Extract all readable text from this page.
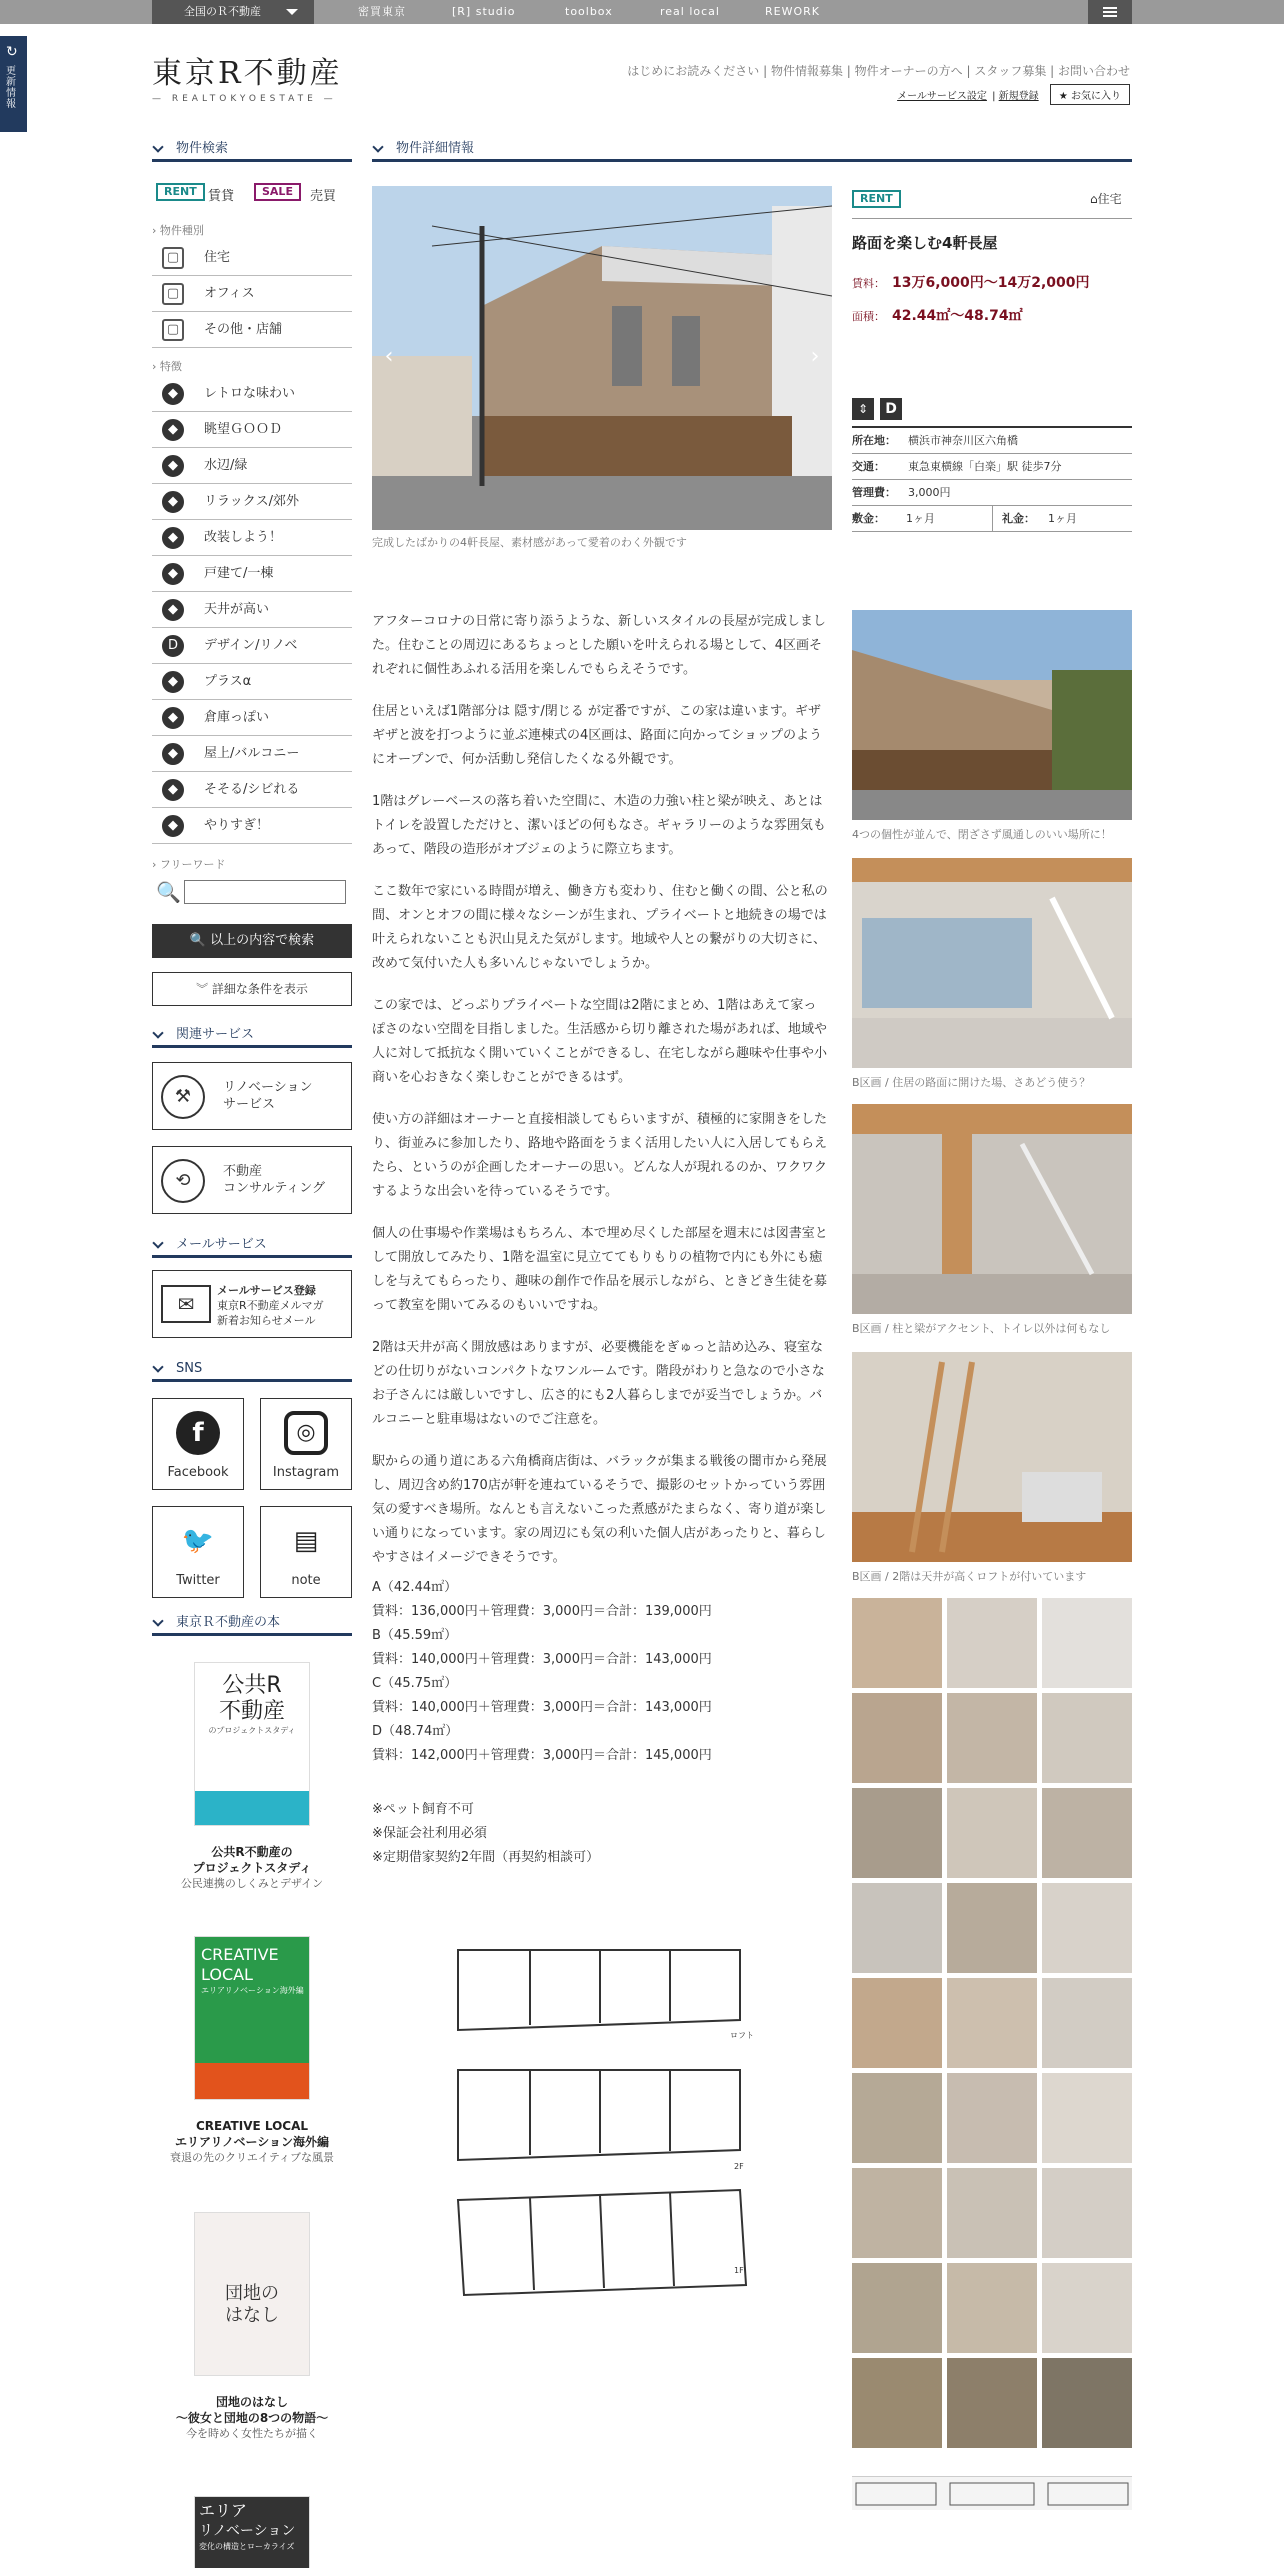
全国のＲ不動産	密買東京	[R] studio	toolbox	real local	REWORK
↻
更新情報
東京R不動産
— REALTOKYOESTATE —
はじめにお読みください | 物件情報募集 | 物件オーナーの方へ | スタッフ募集 | お問い合わせ
メールサービス設定 | 新規登録 ★ お気に入り
物件検索
RENT 賃貸	SALE	売買
› 物件種別
▢	住宅
▢	オフィス
▢	その他・店舗
› 特徴
◆	レトロな味わい
◆	眺望ＧＯＯＤ
◆	水辺/緑
◆	リラックス/郊外
◆	改装しよう！
◆	戸建て/一棟
◆	天井が高い
D	デザイン/リノベ
◆	プラスα
◆	倉庫っぽい
◆	屋上/バルコニー
◆	そそる/シビれる
◆	やりすぎ！
› フリーワード
🔍
🔍 以上の内容で検索
︾ 詳細な条件を表示
関連サービス
⚒	リノベーション
サービス
⟲	不動産
コンサルティング
メールサービス
✉
メールサービス登録
東京R不動産メルマガ
新着お知らせメール
SNS
f
Facebook
◎
Instagram
🐦
Twitter
▤
note
東京Ｒ不動産の本
公共R
不動産
のプロジェクトスタディ
公共R不動産の
プロジェクトスタディ
公民連携のしくみとデザイン
CREATIVE
LOCAL
エリアリノベーション海外編
CREATIVE LOCAL
エリアリノベーション海外編
衰退の先のクリエイティブな風景
団地の
はなし
団地のはなし
〜彼女と団地の8つの物語〜
今を時めく女性たちが描く
エリア
リノベーション
変化の構造とローカライズ
物件詳細情報
‹	›
完成したばかりの4軒長屋、素材感があって愛着のわく外観です
RENT	⌂住宅
路面を楽しむ4軒長屋
賃料： 13万6,000円～14万2,000円
面積： 42.44㎡～48.74㎡
⇕	D
所在地： 横浜市神奈川区六角橋
交通： 東急東横線「白楽」駅 徒歩7分
管理費： 3,000円
敷金： 1ヶ月	礼金： 1ヶ月

アフターコロナの日常に寄り添うような、新しいスタイルの長屋が完成しました。住むことの周辺にあるちょっとした願いを叶えられる場として、4区画それぞれに個性あふれる活用を楽しんでもらえそうです。

住居といえば1階部分は 隠す/閉じる が定番ですが、この家は違います。ギザギザと波を打つように並ぶ連棟式の4区画は、路面に向かってショップのようにオープンで、何か活動し発信したくなる外観です。

1階はグレーベースの落ち着いた空間に、木造の力強い柱と梁が映え、あとはトイレを設置しただけと、潔いほどの何もなさ。ギャラリーのような雰囲気もあって、階段の造形がオブジェのように際立ちます。

ここ数年で家にいる時間が増え、働き方も変わり、住むと働くの間、公と私の間、オンとオフの間に様々なシーンが生まれ、プライベートと地続きの場では叶えられないことも沢山見えた気がします。地域や人との繋がりの大切さに、改めて気付いた人も多いんじゃないでしょうか。

この家では、どっぷりプライベートな空間は2階にまとめ、1階はあえて家っぽさのない空間を目指しました。生活感から切り離された場があれば、地域や人に対して抵抗なく開いていくことができるし、在宅しながら趣味や仕事や小商いを心おきなく楽しむことができるはず。

使い方の詳細はオーナーと直接相談してもらいますが、積極的に家開きをしたり、街並みに参加したり、路地や路面をうまく活用したい人に入居してもらえたら、というのが企画したオーナーの思い。どんな人が現れるのか、ワクワクするような出会いを待っているそうです。

個人の仕事場や作業場はもちろん、本で埋め尽くした部屋を週末には図書室として開放してみたり、1階を温室に見立ててもりもりの植物で内にも外にも癒しを与えてもらったり、趣味の創作で作品を展示しながら、ときどき生徒を募って教室を開いてみるのもいいですね。

2階は天井が高く開放感はありますが、必要機能をぎゅっと詰め込み、寝室などの仕切りがないコンパクトなワンルームです。階段がわりと急なので小さなお子さんには厳しいですし、広さ的にも2人暮らしまでが妥当でしょうか。バルコニーと駐車場はないのでご注意を。

駅からの通り道にある六角橋商店街は、バラックが集まる戦後の闇市から発展し、周辺含め約170店が軒を連ねているそうで、撮影のセットかっていう雰囲気の愛すべき場所。なんとも言えないこった煮感がたまらなく、寄り道が楽しい通りになっています。家の周辺にも気の利いた個人店があったりと、暮らしやすさはイメージできそうです。

A（42.44㎡）
賃料：136,000円＋管理費：3,000円＝合計：139,000円
B（45.59㎡）
賃料：140,000円＋管理費：3,000円＝合計：143,000円
C（45.75㎡）
賃料：140,000円＋管理費：3,000円＝合計：143,000円
D（48.74㎡）
賃料：142,000円＋管理費：3,000円＝合計：145,000円
※ペット飼育不可
※保証会社利用必須
※定期借家契約2年間（再契約相談可）
ロフト
2F
1F
4つの個性が並んで、閉ざさず風通しのいい場所に！
B区画 / 住居の路面に開けた場、さあどう使う？
B区画 / 柱と梁がアクセント、トイレ以外は何もなし
B区画 / 2階は天井が高くロフトが付いています
